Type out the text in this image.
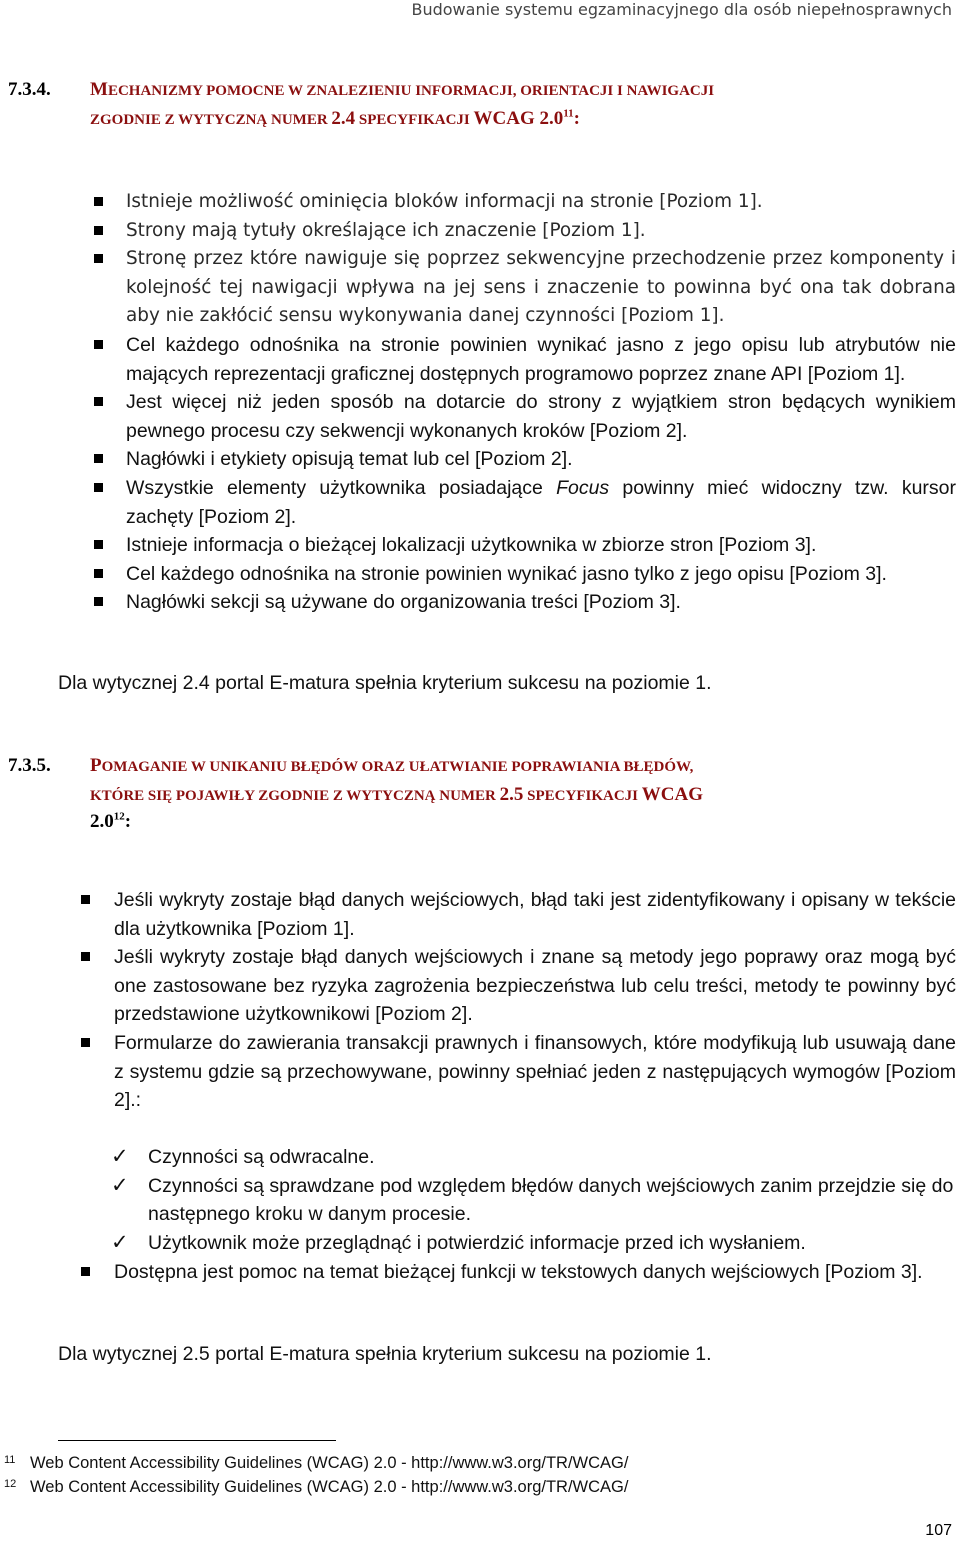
Budowanie systemu egzaminacyjnego dla osób niepełnosprawnych
7.3.4. MECHANIZMY POMOCNE W ZNALEZIENIU INFORMACJI, ORIENTACJI I NAWIGACJI
ZGODNIE Z WYTYCZNĄ NUMER 2.4 SPECYFIKACJI WCAG $2.0^{11}$:
Istnieje możliwość ominięcia bloków informacji na stronie [Poziom 1].
Strony mają tytuły określające ich znaczenie [Poziom 1].
Stronę przez które nawiguje się poprzez sekwencyjne przechodzenie przez komponenty i kolejność tej nawigacji wpływa na jej sens i znaczenie to powinna być ona tak dobrana aby nie zakłócić sensu wykonywania danej czynności [Poziom 1].
Cel każdego odnośnika na stronie powinien wynikać jasno z jego opisu lub atrybutów nie mających reprezentacji graficznej dostępnych programowo poprzez znane API [Poziom 1].
Jest więcej niż jeden sposób na dotarcie do strony z wyjątkiem stron będących wynikiem pewnego procesu czy sekwencji wykonanych kroków [Poziom 2].
Nagłówki i etykiety opisują temat lub cel [Poziom 2].
Wszystkie elementy użytkownika posiadające Focus powinny mieć widoczny tzw. kursor zachęty [Poziom 2].
Istnieje informacja o bieżącej lokalizacji użytkownika w zbiorze stron [Poziom 3].
Cel każdego odnośnika na stronie powinien wynikać jasno tylko z jego opisu [Poziom 3].
Nagłówki sekcji są używane do organizowania treści [Poziom 3].
Dla wytycznej 2.4 portal E-matura spełnia kryterium sukcesu na poziomie 1.
7.3.5. POMAGANIE W UNIKANIU BŁĘDÓW ORAZ UŁATWIANIE POPRAWIANIA BŁĘDÓW,
KTÓRE SIĘ POJAWIŁY ZGODNIE Z WYTYCZNĄ NUMER 2.5 SPECYFIKACJI WCAG
$2.0^{12}$:
Jeśli wykryty zostaje błąd danych wejściowych, błąd taki jest zidentyfikowany i opisany w tekście dla użytkownika [Poziom 1].
Jeśli wykryty zostaje błąd danych wejściowych i znane są metody jego poprawy oraz mogą być one zastosowane bez ryzyka zagrożenia bezpieczeństwa lub celu treści, metody te powinny być przedstawione użytkownikowi [Poziom 2].
Formularze do zawierania transakcji prawnych i finansowych, które modyfikują lub usuwają dane z systemu gdzie są przechowywane, powinny spełniać jeden z następujących wymogów [Poziom 2].:
✓ Czynności są odwracalne.
✓ Czynności są sprawdzane pod względem błędów danych wejściowych zanim przejdzie się do następnego kroku w danym procesie.
✓ Użytkownik może przeglądnąć i potwierdzić informacje przed ich wysłaniem.
Dostępna jest pomoc na temat bieżącej funkcji w tekstowych danych wejściowych [Poziom 3].
Dla wytycznej 2.5 portal E-matura spełnia kryterium sukcesu na poziomie 1.
11 Web Content Accessibility Guidelines (WCAG) 2.0 - http://www.w3.org/TR/WCAG/
12 Web Content Accessibility Guidelines (WCAG) 2.0 - http://www.w3.org/TR/WCAG/
107
